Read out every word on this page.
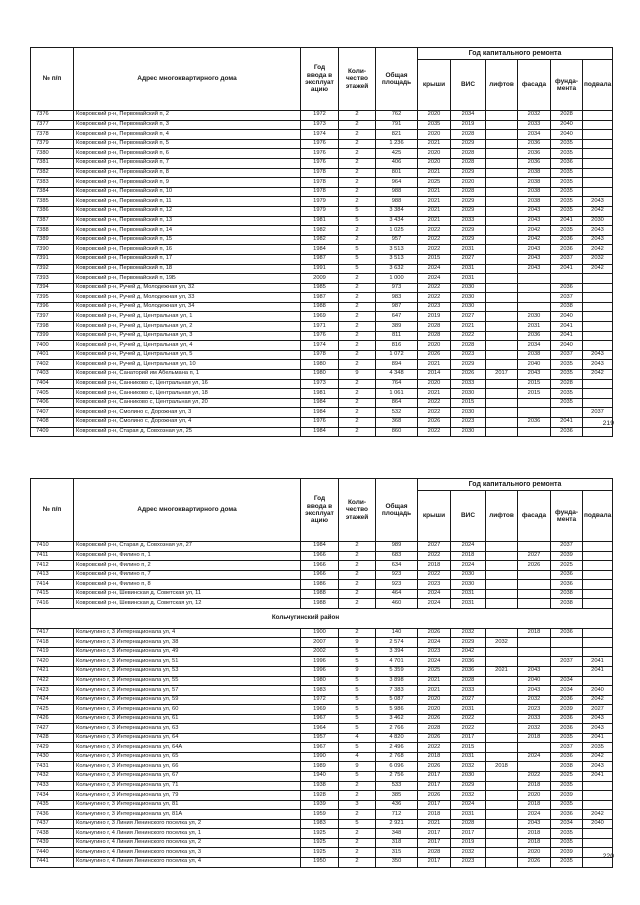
№ п/п	Адрес многоквартирного дома	Год ввода в эксплуатацию	Коли-чество этажей	Общая площадь	Год капитального ремонта					
					крыши	ВИС	лифтов	фасада	фунда-мента	подвала
7376	Ковровский р-н, Первомайский п, 2	1972	2	762	2020	2034		2032	2028	
7377	Ковровский р-н, Первомайский п, 3	1973	2	791	2035	2019		2033	2040	
7378	Ковровский р-н, Первомайский п, 4	1974	2	821	2020	2028		2034	2040	
7379	Ковровский р-н, Первомайский п, 5	1976	2	1 236	2021	2029		2036	2035	
7380	Ковровский р-н, Первомайский п, 6	1976	2	425	2020	2028		2036	2035	
7381	Ковровский р-н, Первомайский п, 7	1976	2	406	2020	2028		2036	2036	
7382	Ковровский р-н, Первомайский п, 8	1978	2	801	2021	2029		2038	2035	
7383	Ковровский р-н, Первомайский п, 9	1978	2	964	2025	2020		2038	2035	
7384	Ковровский р-н, Первомайский п, 10	1978	2	988	2021	2028		2038	2035	
7385	Ковровский р-н, Первомайский п, 11	1979	2	988	2021	2029		2038	2035	2043
7386	Ковровский р-н, Первомайский п, 12	1979	5	3 384	2021	2029		2043	2035	2042
7387	Ковровский р-н, Первомайский п, 13	1981	5	3 434	2021	2033		2043	2041	2030
7388	Ковровский р-н, Первомайский п, 14	1982	2	1 025	2022	2029		2042	2035	2043
7389	Ковровский р-н, Первомайский п, 15	1982	2	957	2022	2029		2042	2036	2043
7390	Ковровский р-н, Первомайский п, 16	1984	5	3 513	2022	2031		2043	2036	2042
7391	Ковровский р-н, Первомайский п, 17	1987	5	3 513	2015	2027		2043	2037	2032
7392	Ковровский р-н, Первомайский п, 18	1991	5	3 632	2024	2031		2043	2041	2042
7393	Ковровский р-н, Первомайский п, 19Б	2009	2	1 000	2024	2031				
7394	Ковровский р-н, Ручей д, Молодежная ул, 32	1985	2	973	2022	2030			2036	
7395	Ковровский р-н, Ручей д, Молодежная ул, 33	1987	2	983	2022	2030			2037	
7396	Ковровский р-н, Ручей д, Молодежная ул, 34	1988	2	987	2023	2030			2038	
7397	Ковровский р-н, Ручей д, Центральная ул, 1	1969	2	647	2019	2027		2030	2040	
7398	Ковровский р-н, Ручей д, Центральная ул, 2	1971	2	389	2028	2021		2031	2041	
7399	Ковровский р-н, Ручей д, Центральная ул, 3	1976	2	811	2028	2022		2036	2041	
7400	Ковровский р-н, Ручей д, Центральная ул, 4	1974	2	816	2020	2028		2034	2040	
7401	Ковровский р-н, Ручей д, Центральная ул, 5	1978	2	1 072	2026	2023		2038	2037	2043
7402	Ковровский р-н, Ручей д, Центральная ул, 10	1980	2	894	2021	2029		2040	2035	2043
7403	Ковровский р-н, Санаторий им Абельмана п, 1	1980	9	4 348	2014	2026	2017	2043	2035	2042
7404	Ковровский р-н, Санниково с, Центральная ул, 16	1973	2	764	2020	2033		2015	2028	
7405	Ковровский р-н, Санниково с, Центральная ул, 18	1981	2	1 061	2021	2030		2015	2035	
7406	Ковровский р-н, Санниково с, Центральная ул, 20	1984	2	864	2022	2015			2035	
7407	Ковровский р-н, Смолино с, Дорожная ул, 3	1984	2	532	2022	2030				2037
7408	Ковровский р-н, Смолино с, Дорожная ул, 4	1976	2	368	2026	2023		2036	2041	
7409	Ковровский р-н, Старая д, Совхозная ул, 25	1984	2	860	2022	2030			2036	
219
№ п/п	Адрес многоквартирного дома	Год ввода в эксплуатацию	Коли-чество этажей	Общая площадь	Год капитального ремонта					
					крыши	ВИС	лифтов	фасада	фунда-мента	подвала
7410	Ковровский р-н, Старая д, Совхозная ул, 27	1984	2	989	2027	2024			2037	
7411	Ковровский р-н, Филино п, 1	1966	2	683	2022	2018		2027	2039	
7412	Ковровский р-н, Филино п, 2	1966	2	634	2018	2024		2026	2025	
7413	Ковровский р-н, Филино п, 7	1966	2	923	2022	2030			2036	
7414	Ковровский р-н, Филино п, 8	1986	2	923	2023	2030			2036	
7415	Ковровский р-н, Шевинская д, Советская ул, 11	1988	2	464	2024	2031			2038	
7416	Ковровский р-н, Шевинская д, Советская ул, 12	1988	2	460	2024	2031			2038	
Кольчугинский район										
7417	Кольчугино г, 3 Интернационала ул, 4	1900	2	140	2026	2032		2018	2036	
7418	Кольчугино г, 3 Интернационала ул, 38	2007	9	2 574	2024	2029	2032			
7419	Кольчугино г, 3 Интернационала ул, 49	2002	5	3 394	2023	2042				
7420	Кольчугино г, 3 Интернационала ул, 51	1996	5	4 701	2024	2036			2037	2041
7421	Кольчугино г, 3 Интернационала ул, 53	1996	9	5 359	2025	2036	2021	2043		2041
7422	Кольчугино г, 3 Интернационала ул, 55	1980	5	3 898	2021	2028		2040	2034	
7423	Кольчугино г, 3 Интернационала ул, 57	1983	5	7 383	2021	2033		2043	2034	2040
7424	Кольчугино г, 3 Интернационала ул, 59	1972	5	5 087	2020	2027		2032	2036	2042
7425	Кольчугино г, 3 Интернационала ул, 60	1969	5	5 986	2020	2031		2023	2039	2027
7426	Кольчугино г, 3 Интернационала ул, 61	1967	5	3 462	2026	2022		2033	2036	2043
7427	Кольчугино г, 3 Интернационала ул, 63	1964	5	2 766	2028	2022		2032	2036	2043
7428	Кольчугино г, 3 Интернационала ул, 64	1957	4	4 820	2026	2017		2018	2035	2041
7429	Кольчугино г, 3 Интернационала ул, 64А	1967	5	2 496	2022	2015			2037	2035
7430	Кольчугино г, 3 Интернационала ул, 65	1990	4	2 768	2018	2031		2024	2036	2042
7431	Кольчугино г, 3 Интернационала ул, 66	1989	9	6 096	2026	2032	2018		2038	2043
7432	Кольчугино г, 3 Интернационала ул, 67	1940	5	2 756	2017	2030		2022	2025	2041
7433	Кольчугино г, 3 Интернационала ул, 71	1938	2	533	2017	2029		2018	2035	
7434	Кольчугино г, 3 Интернационала ул, 79	1928	2	385	2026	2032		2020	2039	
7435	Кольчугино г, 3 Интернационала ул, 81	1939	3	436	2017	2024		2018	2035	
7436	Кольчугино г, 3 Интернационала ул, 81А	1959	2	712	2018	2031		2024	2036	2042
7437	Кольчугино г, 3 Линия Ленинского поселка ул, 2	1983	5	2 921	2021	2028		2043	2034	2040
7438	Кольчугино г, 4 Линия Ленинского поселка ул, 1	1925	2	348	2017	2017		2018	2035	
7439	Кольчугино г, 4 Линия Ленинского поселка ул, 2	1925	2	318	2017	2019		2018	2035	
7440	Кольчугино г, 4 Линия Ленинского поселка ул, 3	1925	2	315	2028	2032		2020	2039	
7441	Кольчугино г, 4 Линия Ленинского поселка ул, 4	1950	2	350	2017	2023		2026	2035	
220
